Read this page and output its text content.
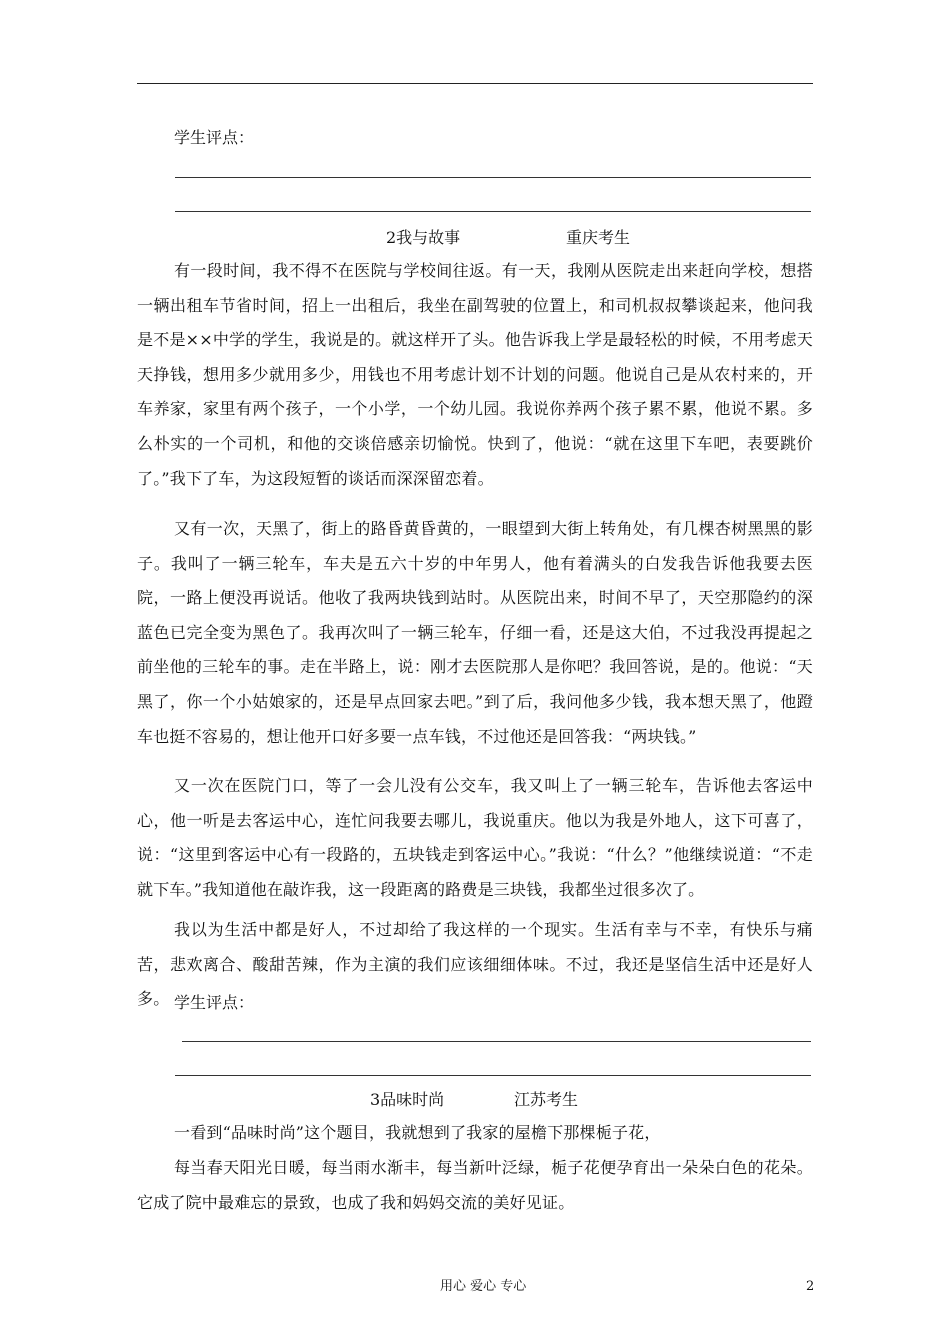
学生评点：

2我与故事	重庆考生

有一段时间，我不得不在医院与学校间往返。有一天，我刚从医院走出来赶向学校，想搭一辆出租车节省时间，招上一出租后，我坐在副驾驶的位置上，和司机叔叔攀谈起来，他问我是不是××中学的学生，我说是的。就这样开了头。他告诉我上学是最轻松的时候，不用考虑天天挣钱，想用多少就用多少，用钱也不用考虑计划不计划的问题。他说自己是从农村来的，开车养家，家里有两个孩子，一个小学，一个幼儿园。我说你养两个孩子累不累，他说不累。多么朴实的一个司机，和他的交谈倍感亲切愉悦。快到了，他说：“就在这里下车吧，表要跳价了。”我下了车，为这段短暂的谈话而深深留恋着。

又有一次，天黑了，街上的路昏黄昏黄的，一眼望到大街上转角处，有几棵杏树黑黑的影子。我叫了一辆三轮车，车夫是五六十岁的中年男人，他有着满头的白发我告诉他我要去医院，一路上便没再说话。他收了我两块钱到站时。从医院出来，时间不早了，天空那隐约的深蓝色已完全变为黑色了。我再次叫了一辆三轮车，仔细一看，还是这大伯，不过我没再提起之前坐他的三轮车的事。走在半路上，说：刚才去医院那人是你吧？我回答说，是的。他说：“天黑了，你一个小姑娘家的，还是早点回家去吧。”到了后，我问他多少钱，我本想天黑了，他蹬车也挺不容易的，想让他开口好多要一点车钱，不过他还是回答我：“两块钱。”

又一次在医院门口，等了一会儿没有公交车，我又叫上了一辆三轮车，告诉他去客运中心，他一听是去客运中心，连忙问我要去哪儿，我说重庆。他以为我是外地人，这下可喜了，说：“这里到客运中心有一段路的，五块钱走到客运中心。”我说：“什么？”他继续说道：“不走就下车。”我知道他在敲诈我，这一段距离的路费是三块钱，我都坐过很多次了。

我以为生活中都是好人，不过却给了我这样的一个现实。生活有幸与不幸，有快乐与痛苦，悲欢离合、酸甜苦辣，作为主演的我们应该细细体味。不过，我还是坚信生活中还是好人多。 学生评点：

3品味时尚	江苏考生

一看到“品味时尚”这个题目，我就想到了我家的屋檐下那棵栀子花，

每当春天阳光日暖，每当雨水渐丰，每当新叶泛绿，栀子花便孕育出一朵朵白色的花朵。它成了院中最难忘的景致，也成了我和妈妈交流的美好见证。

用心 爱心 专心	2
